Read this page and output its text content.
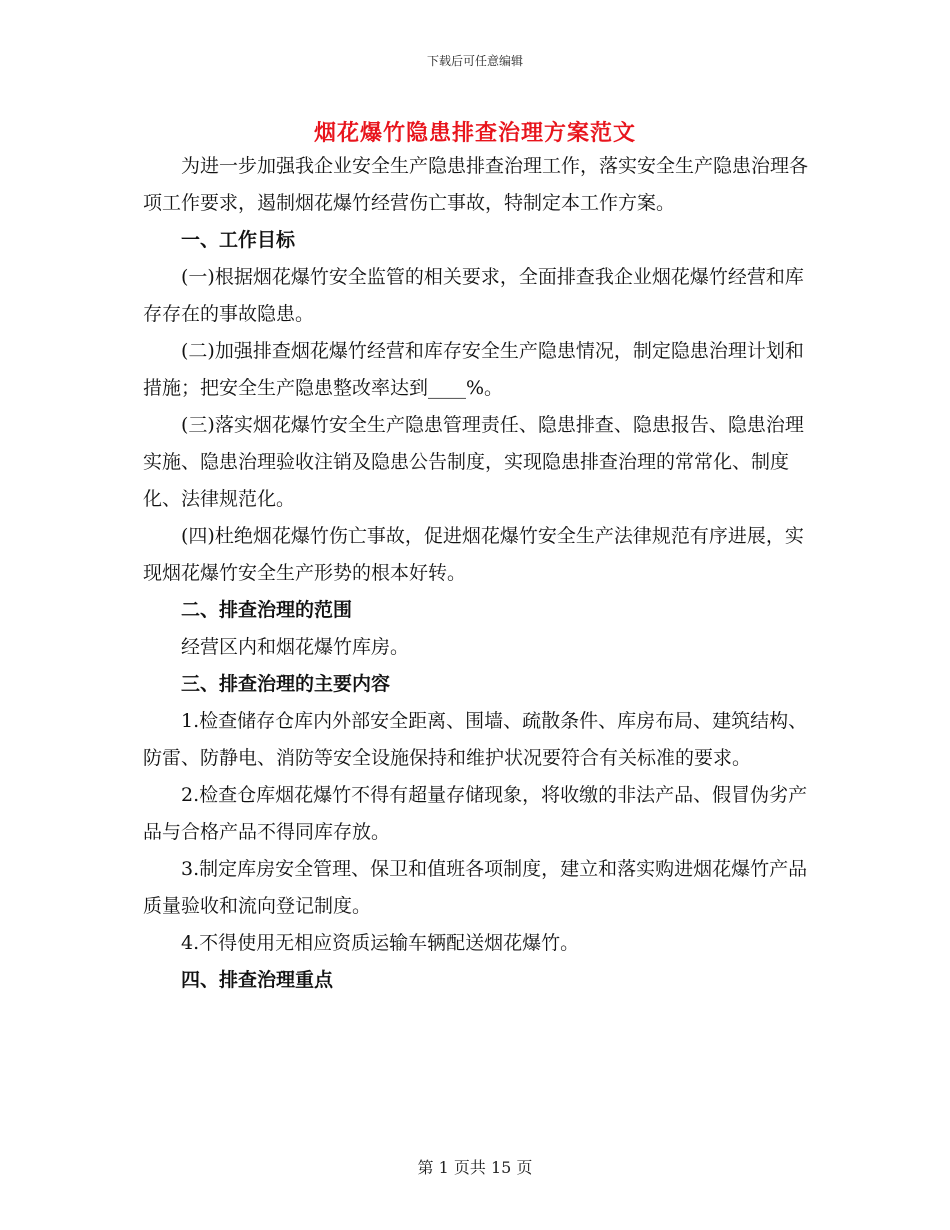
下载后可任意编辑
烟花爆竹隐患排查治理方案范文

为进一步加强我企业安全生产隐患排查治理工作，落实安全生产隐患治理各项工作要求，遏制烟花爆竹经营伤亡事故，特制定本工作方案。

一、工作目标

(一)根据烟花爆竹安全监管的相关要求，全面排查我企业烟花爆竹经营和库存存在的事故隐患。

(二)加强排查烟花爆竹经营和库存安全生产隐患情况，制定隐患治理计划和措施；把安全生产隐患整改率达到____%。

(三)落实烟花爆竹安全生产隐患管理责任、隐患排查、隐患报告、隐患治理实施、隐患治理验收注销及隐患公告制度，实现隐患排查治理的常常化、制度化、法律规范化。

(四)杜绝烟花爆竹伤亡事故，促进烟花爆竹安全生产法律规范有序进展，实现烟花爆竹安全生产形势的根本好转。

二、排查治理的范围

经营区内和烟花爆竹库房。

三、排查治理的主要内容

1.检查储存仓库内外部安全距离、围墙、疏散条件、库房布局、建筑结构、防雷、防静电、消防等安全设施保持和维护状况要符合有关标准的要求。

2.检查仓库烟花爆竹不得有超量存储现象，将收缴的非法产品、假冒伪劣产品与合格产品不得同库存放。

3.制定库房安全管理、保卫和值班各项制度，建立和落实购进烟花爆竹产品质量验收和流向登记制度。

4.不得使用无相应资质运输车辆配送烟花爆竹。

四、排查治理重点

第 1 页共 15 页
